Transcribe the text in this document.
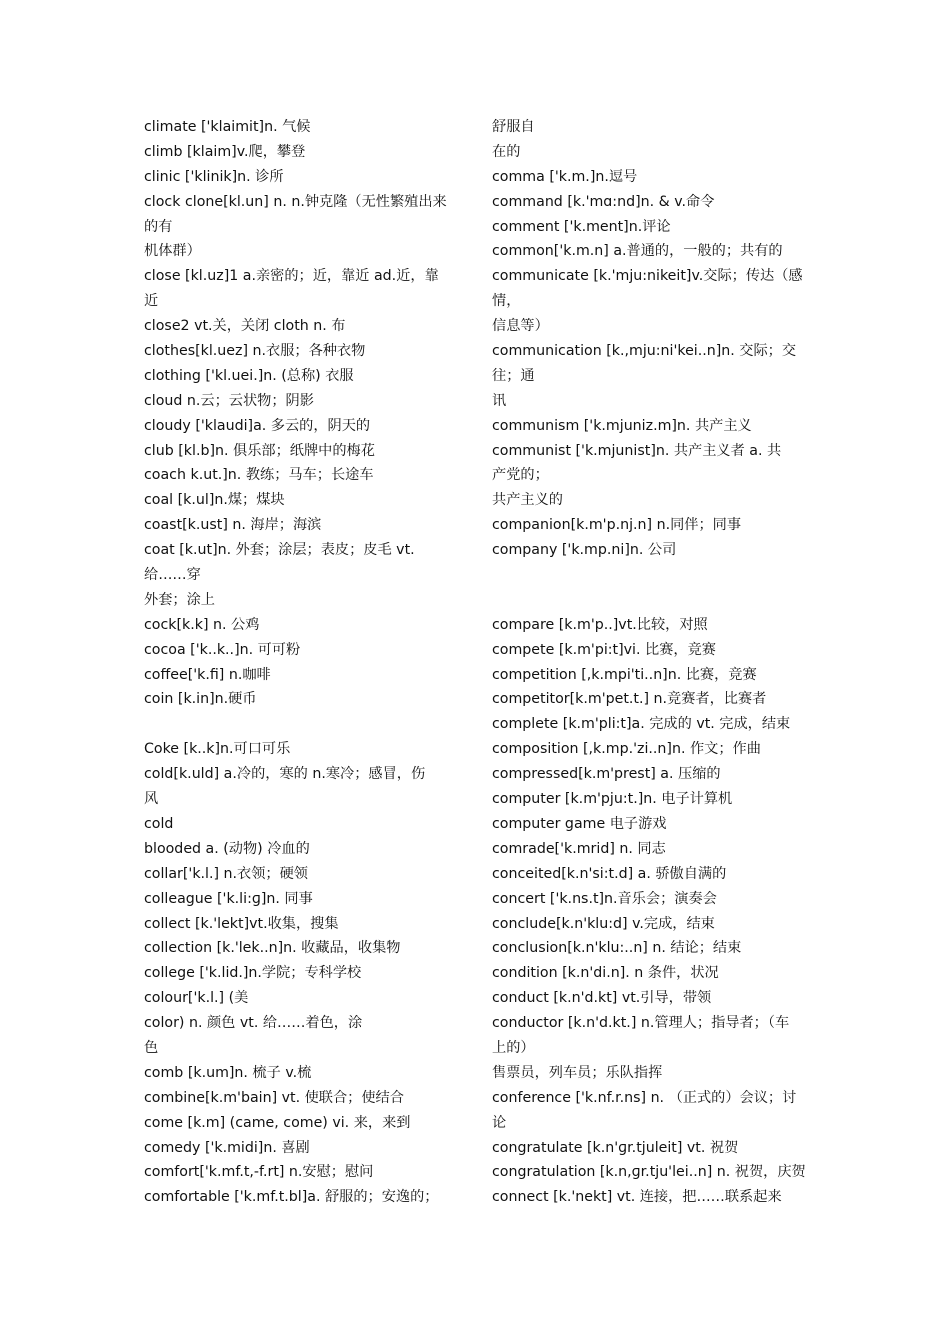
climate ['klaimit]n. 气候
climb [klaim]v.爬，攀登
clinic ['klinik]n. 诊所
clock clone[kl.un] n. n.钟克隆（无性繁殖出来
的有
机体群）
close [kl.uz]1 a.亲密的；近，靠近 ad.近，靠
近
close2 vt.关，关闭 cloth n. 布
clothes[kl.uez] n.衣服；各种衣物
clothing ['kl.uei.]n. (总称) 衣服
cloud n.云；云状物；阴影
cloudy ['klaudi]a. 多云的，阴天的
club [kl.b]n. 俱乐部；纸牌中的梅花
coach k.ut.]n. 教练；马车；长途车
coal [k.ul]n.煤；煤块
coast[k.ust] n. 海岸；海滨
coat [k.ut]n. 外套；涂层；表皮；皮毛 vt.
给……穿
外套；涂上
cock[k.k] n. 公鸡
cocoa ['k..k..]n. 可可粉
coffee['k.fi] n.咖啡
coin [k.in]n.硬币
Coke [k..k]n.可口可乐
cold[k.uld] a.冷的，寒的 n.寒冷；感冒，伤
风
cold
blooded a. (动物) 冷血的
collar['k.l.] n.衣领；硬领
colleague ['k.li:ɡ]n. 同事
collect [k.'lekt]vt.收集，搜集
collection [k.'lek..n]n. 收藏品，收集物
college ['k.lid.]n.学院；专科学校
colour['k.l.] (美
color) n. 颜色 vt. 给……着色，涂
色
comb [k.um]n. 梳子 v.梳
combine[k.m'bain] vt. 使联合；使结合
come [k.m] (came, come) vi. 来，来到
comedy ['k.midi]n. 喜剧
comfort['k.mf.t,-f.rt] n.安慰；慰问
comfortable ['k.mf.t.bl]a. 舒服的；安逸的；
舒服自
在的
comma ['k.m.]n.逗号
command [k.'mɑ:nd]n. & v.命令
comment ['k.ment]n.评论
common['k.m.n] a.普通的，一般的；共有的
communicate [k.'mju:nikeit]v.交际；传达（感
情，
信息等）
communication [k.,mju:ni'kei..n]n. 交际；交
往；通
讯
communism ['k.mjuniz.m]n. 共产主义
communist ['k.mjunist]n. 共产主义者 a. 共
产党的；
共产主义的
companion[k.m'p.nj.n] n.同伴；同事
company ['k.mp.ni]n. 公司
compare [k.m'p..]vt.比较，对照
compete [k.m'pi:t]vi. 比赛，竞赛
competition [,k.mpi'ti..n]n. 比赛，竞赛
competitor[k.m'pet.t.] n.竞赛者，比赛者
complete [k.m'pli:t]a. 完成的 vt. 完成，结束
composition [,k.mp.'zi..n]n. 作文；作曲
compressed[k.m'prest] a. 压缩的
computer [k.m'pju:t.]n. 电子计算机
computer game 电子游戏
comrade['k.mrid] n. 同志
conceited[k.n'si:t.d] a. 骄傲自满的
concert ['k.ns.t]n.音乐会；演奏会
conclude[k.n'klu:d] v.完成，结束
conclusion[k.n'klu:..n] n. 结论；结束
condition [k.n'di.n]. n 条件，状况
conduct [k.n'd.kt] vt.引导，带领
conductor [k.n'd.kt.] n.管理人；指导者；（车
上的）
售票员，列车员；乐队指挥
conference ['k.nf.r.ns] n. （正式的）会议；讨
论
congratulate [k.n'ɡr.tjuleit] vt. 祝贺
congratulation [k.n,ɡr.tju'lei..n] n. 祝贺，庆贺
connect [k.'nekt] vt. 连接，把……联系起来
